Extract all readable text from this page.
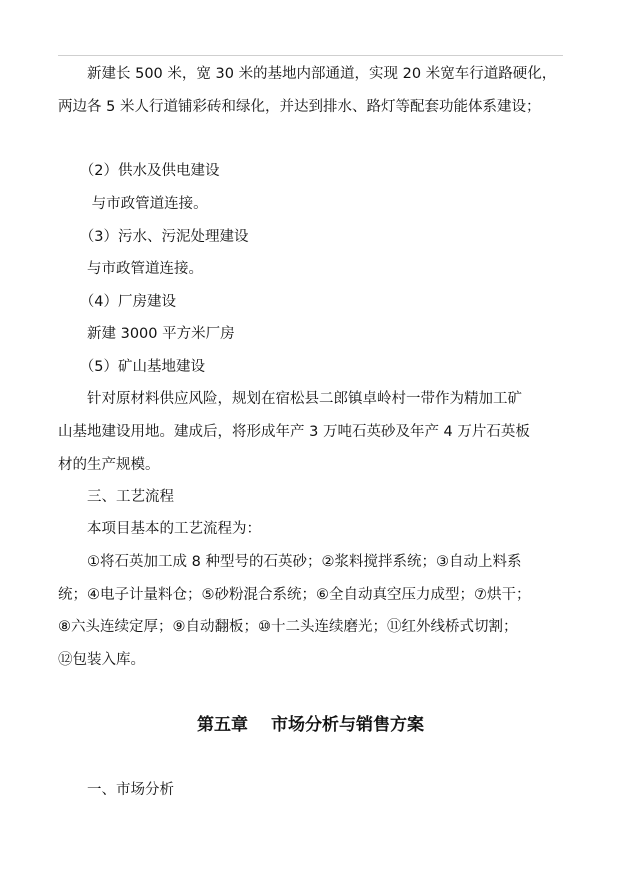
　　新建长 500 米，宽 30 米的基地内部通道，实现 20 米宽车行道路硬化，
两边各 5 米人行道铺彩砖和绿化，并达到排水、路灯等配套功能体系建设；
　　（2）供水及供电建设
　　 与市政管道连接。
　　（3）污水、污泥处理建设
　　与市政管道连接。
　　（4）厂房建设
　　新建 3000 平方米厂房
　　（5）矿山基地建设
　　针对原材料供应风险，规划在宿松县二郎镇卓岭村一带作为精加工矿
山基地建设用地。建成后，将形成年产 3 万吨石英砂及年产 4 万片石英板
材的生产规模。
　　三、工艺流程
　　本项目基本的工艺流程为：
　　①将石英加工成 8 种型号的石英砂；②浆料搅拌系统；③自动上料系
统；④电子计量料仓；⑤砂粉混合系统；⑥全自动真空压力成型；⑦烘干；
⑧六头连续定厚；⑨自动翻板；⑩十二头连续磨光；⑪红外线桥式切割；
⑫包装入库。
第五章　 市场分析与销售方案
　　一、市场分析
